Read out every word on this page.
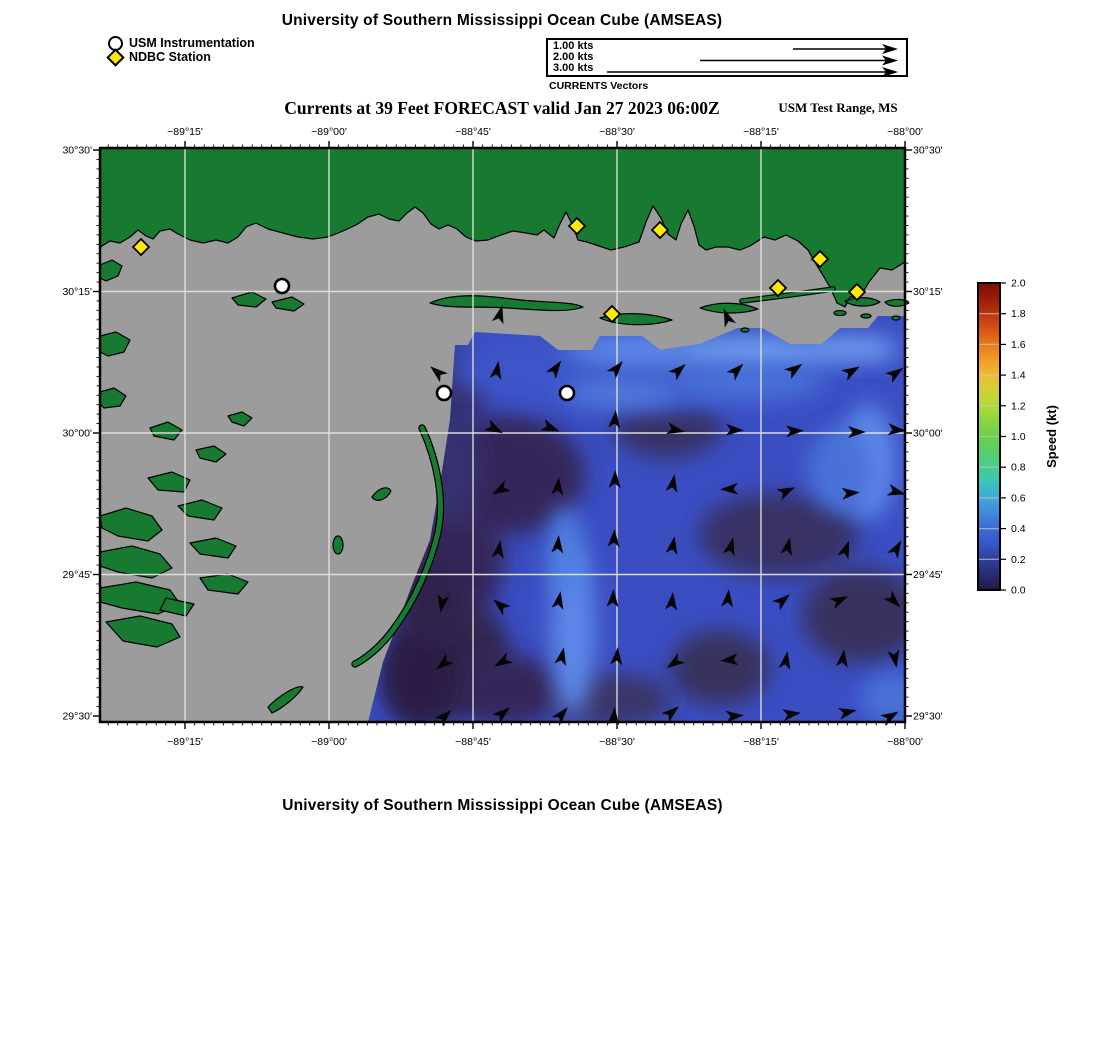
University of Southern Mississippi Ocean Cube (AMSEAS)
USM Instrumentation
NDBC Station
1.00 kts
2.00 kts
3.00 kts
CURRENTS Vectors
Currents at 39 Feet FORECAST valid Jan 27 2023 06:00Z	USM Test Range, MS
−89°15'
−89°15'
−89°00'
−89°00'
−88°45'
−88°45'
−88°30'
−88°30'
−88°15'
−88°15'
−88°00'
−88°00'
30°30'	30°30'
30°15'	30°15'
30°00'	30°00'
29°45'	29°45'
29°30'	29°30'
0.0
0.2
0.4
0.6
0.8
1.0
1.2
1.4
1.6
1.8
2.0
Speed (kt)
University of Southern Mississippi Ocean Cube (AMSEAS)
